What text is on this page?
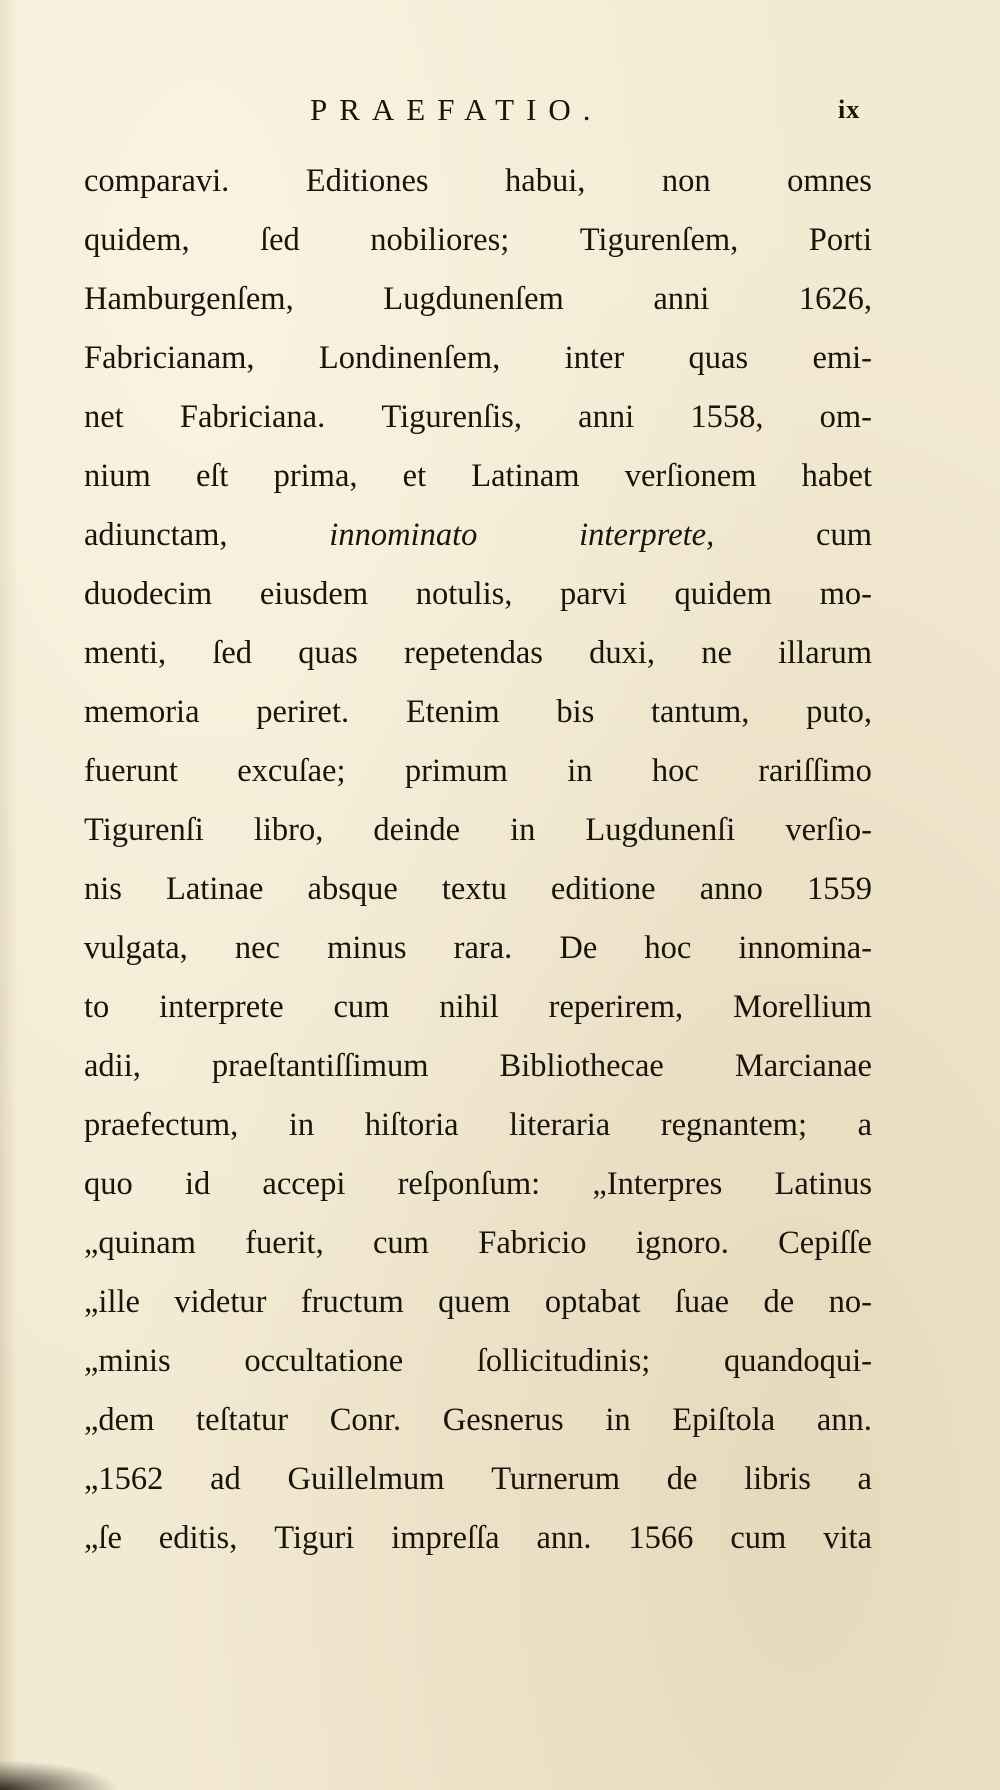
PRAEFATIO.	ix
comparavi. Editiones habui, non omnes
quidem, ſed nobiliores; Tigurenſem, Porti
Hamburgenſem,	Lugdunenſem	anni	1626,
Fabricianam, Londinenſem, inter quas emi-
net Fabriciana. Tigurenſis, anni 1558, om-
nium eſt prima, et Latinam verſionem habet
adiunctam,	innominato	interprete,	cum
duodecim eiusdem notulis, parvi quidem mo-
menti, ſed quas repetendas duxi, ne illarum
memoria periret. Etenim bis tantum, puto,
fuerunt excuſae; primum in hoc rariſſimo
Tigurenſi libro, deinde in Lugdunenſi verſio-
nis Latinae absque textu editione anno 1559
vulgata, nec minus rara. De hoc innomina-
to interprete cum nihil reperirem, Morellium
adii, praeſtantiſſimum Bibliothecae Marcianae
praefectum, in hiſtoria literaria regnantem; a
quo id accepi reſponſum: „Interpres Latinus
„quinam fuerit, cum Fabricio ignoro. Cepiſſe
„ille videtur fructum quem optabat ſuae de no-
„minis occultatione ſollicitudinis; quandoqui-
„dem teſtatur Conr. Gesnerus in Epiſtola ann.
„1562 ad Guillelmum Turnerum de libris a
„ſe editis, Tiguri impreſſa ann. 1566 cum vita
